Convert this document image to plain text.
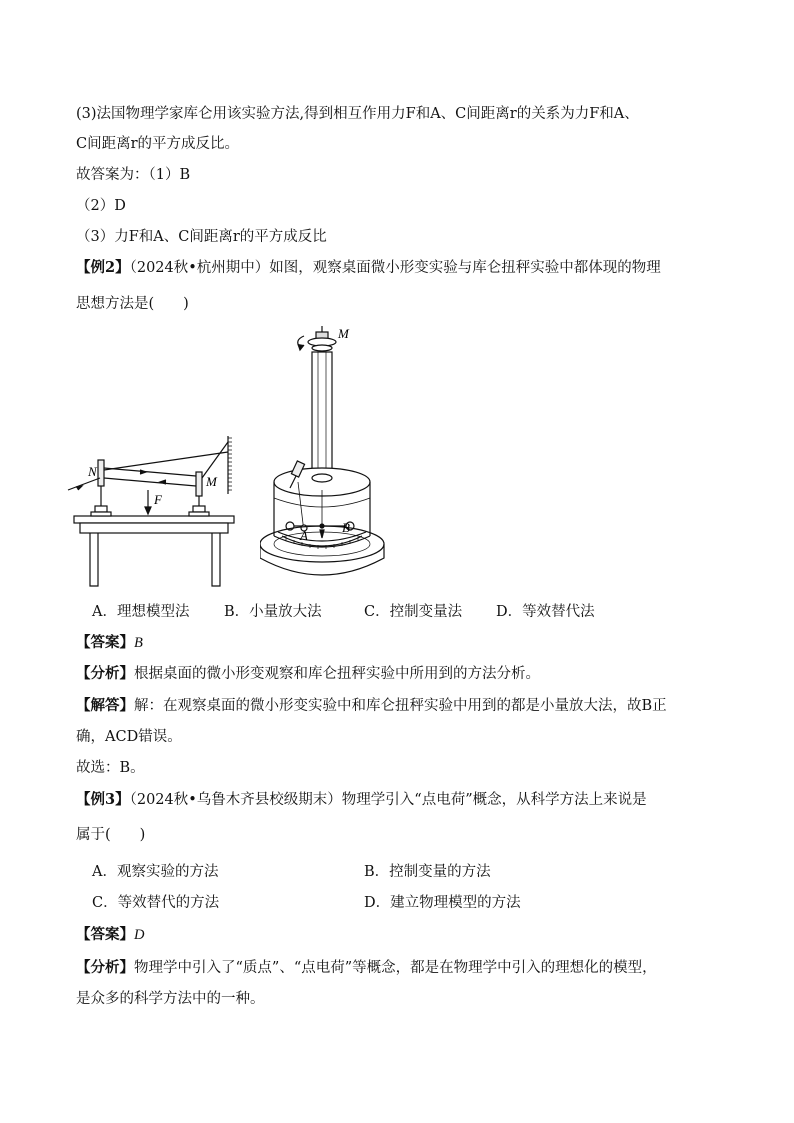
(3)法国物理学家库仑用该实验方法,得到相互作用力F和A、C间距离r的关系为力F和A、
C间距离r的平方成反比。
故答案为：（1）B
（2）D
（3）力F和A、C间距离r的平方成反比
【例2】（2024秋•杭州期中）如图，观察桌面微小形变实验与库仑扭秤实验中都体现的物理
思想方法是(　　)
N
M
F
M
A
B
A．理想模型法 B．小量放大法	C．控制变量法 D．等效替代法
【答案】B
【分析】根据桌面的微小形变观察和库仑扭秤实验中所用到的方法分析。
【解答】解：在观察桌面的微小形变实验中和库仑扭秤实验中用到的都是小量放大法，故B正
确，ACD错误。
故选：B。
【例3】（2024秋•乌鲁木齐县校级期末）物理学引入“点电荷”概念，从科学方法上来说是
属于(　　)
A．观察实验的方法	B．控制变量的方法
C．等效替代的方法	D．建立物理模型的方法
【答案】D
【分析】物理学中引入了“质点”、“点电荷”等概念，都是在物理学中引入的理想化的模型，
是众多的科学方法中的一种。
